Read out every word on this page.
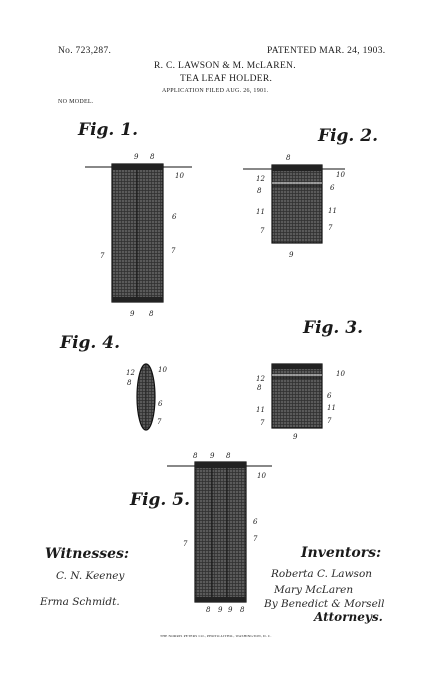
No. 723,287.	PATENTED MAR. 24, 1903.
R. C. LAWSON & M. McLAREN.
TEA LEAF HOLDER.
APPLICATION FILED AUG. 26, 1901.
NO MODEL.
Fig. 1.	Fig. 2.
Fig. 4.
Fig. 3.
Fig. 5.
9 8
10
6
7
7
9 8
8
12	10
8	6
11	11
7	7
9
10
12
8
6
11	11
7	7
9
10
12
8
6
7
8 9 8
10
6
7
7
8 9 9 8
Witnesses:
C. N. Keeney
Erma Schmidt.
Inventors:
Roberta C. Lawson
Mary McLaren
By Benedict & Morsell
Attorneys.
THE NORRIS PETERS CO., PHOTO-LITHO., WASHINGTON, D. C.
